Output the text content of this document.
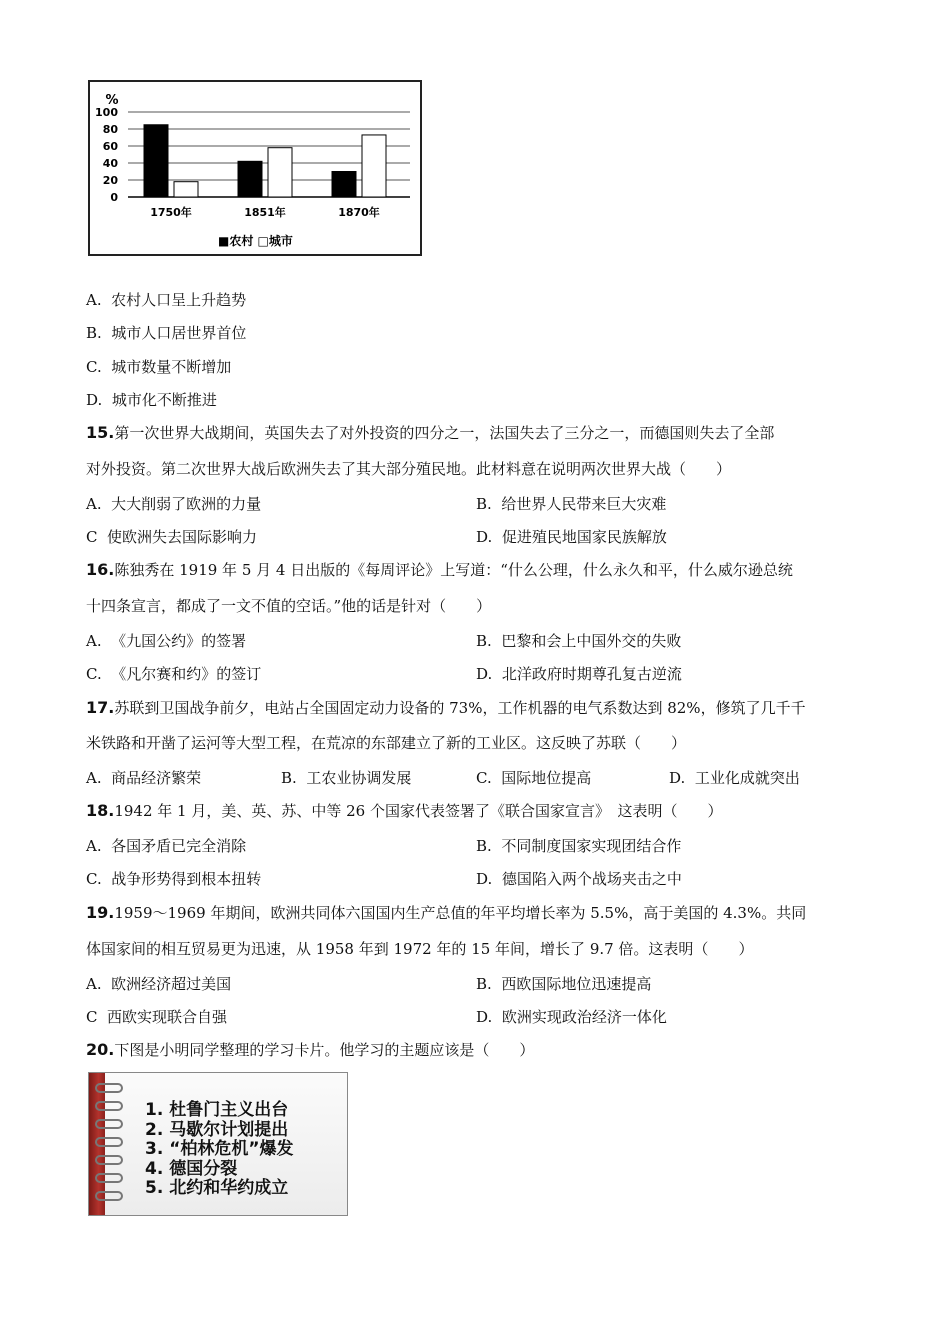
%
0
20
40
60
80
100
1750年	1851年	1870年
■农村 □城市
A. 农村人口呈上升趋势
B. 城市人口居世界首位
C. 城市数量不断增加
D. 城市化不断推进
15.第一次世界大战期间，英国失去了对外投资的四分之一，法国失去了三分之一，而德国则失去了全部
对外投资。第二次世界大战后欧洲失去了其大部分殖民地。此材料意在说明两次世界大战（　　）
A. 大大削弱了欧洲的力量	B. 给世界人民带来巨大灾难
C 使欧洲失去国际影响力	D. 促进殖民地国家民族解放
16.陈独秀在 1919 年 5 月 4 日出版的《每周评论》上写道：“什么公理，什么永久和平，什么威尔逊总统
十四条宣言，都成了一文不值的空话。”他的话是针对（　　）
A. 《九国公约》的签署	B. 巴黎和会上中国外交的失败
C. 《凡尔赛和约》的签订	D. 北洋政府时期尊孔复古逆流
17.苏联到卫国战争前夕，电站占全国固定动力设备的 73%，工作机器的电气系数达到 82%，修筑了几千千
米铁路和开凿了运河等大型工程，在荒凉的东部建立了新的工业区。这反映了苏联（　　）
A. 商品经济繁荣	B. 工农业协调发展	C. 国际地位提高	D. 工业化成就突出
18.1942 年 1 月，美、英、苏、中等 26 个国家代表签署了《联合国家宣言》　这表明（　　）
A. 各国矛盾已完全消除	B. 不同制度国家实现团结合作
C. 战争形势得到根本扭转	D. 德国陷入两个战场夹击之中
19.1959～1969 年期间，欧洲共同体六国国内生产总值的年平均增长率为 5.5%，高于美国的 4.3%。共同
体国家间的相互贸易更为迅速，从 1958 年到 1972 年的 15 年间，增长了 9.7 倍。这表明（　　）
A. 欧洲经济超过美国	B. 西欧国际地位迅速提高
C 西欧实现联合自强	D. 欧洲实现政治经济一体化
20.下图是小明同学整理的学习卡片。他学习的主题应该是（　　）
1. 杜鲁门主义出台
2. 马歇尔计划提出
3. “柏林危机”爆发
4. 德国分裂
5. 北约和华约成立
